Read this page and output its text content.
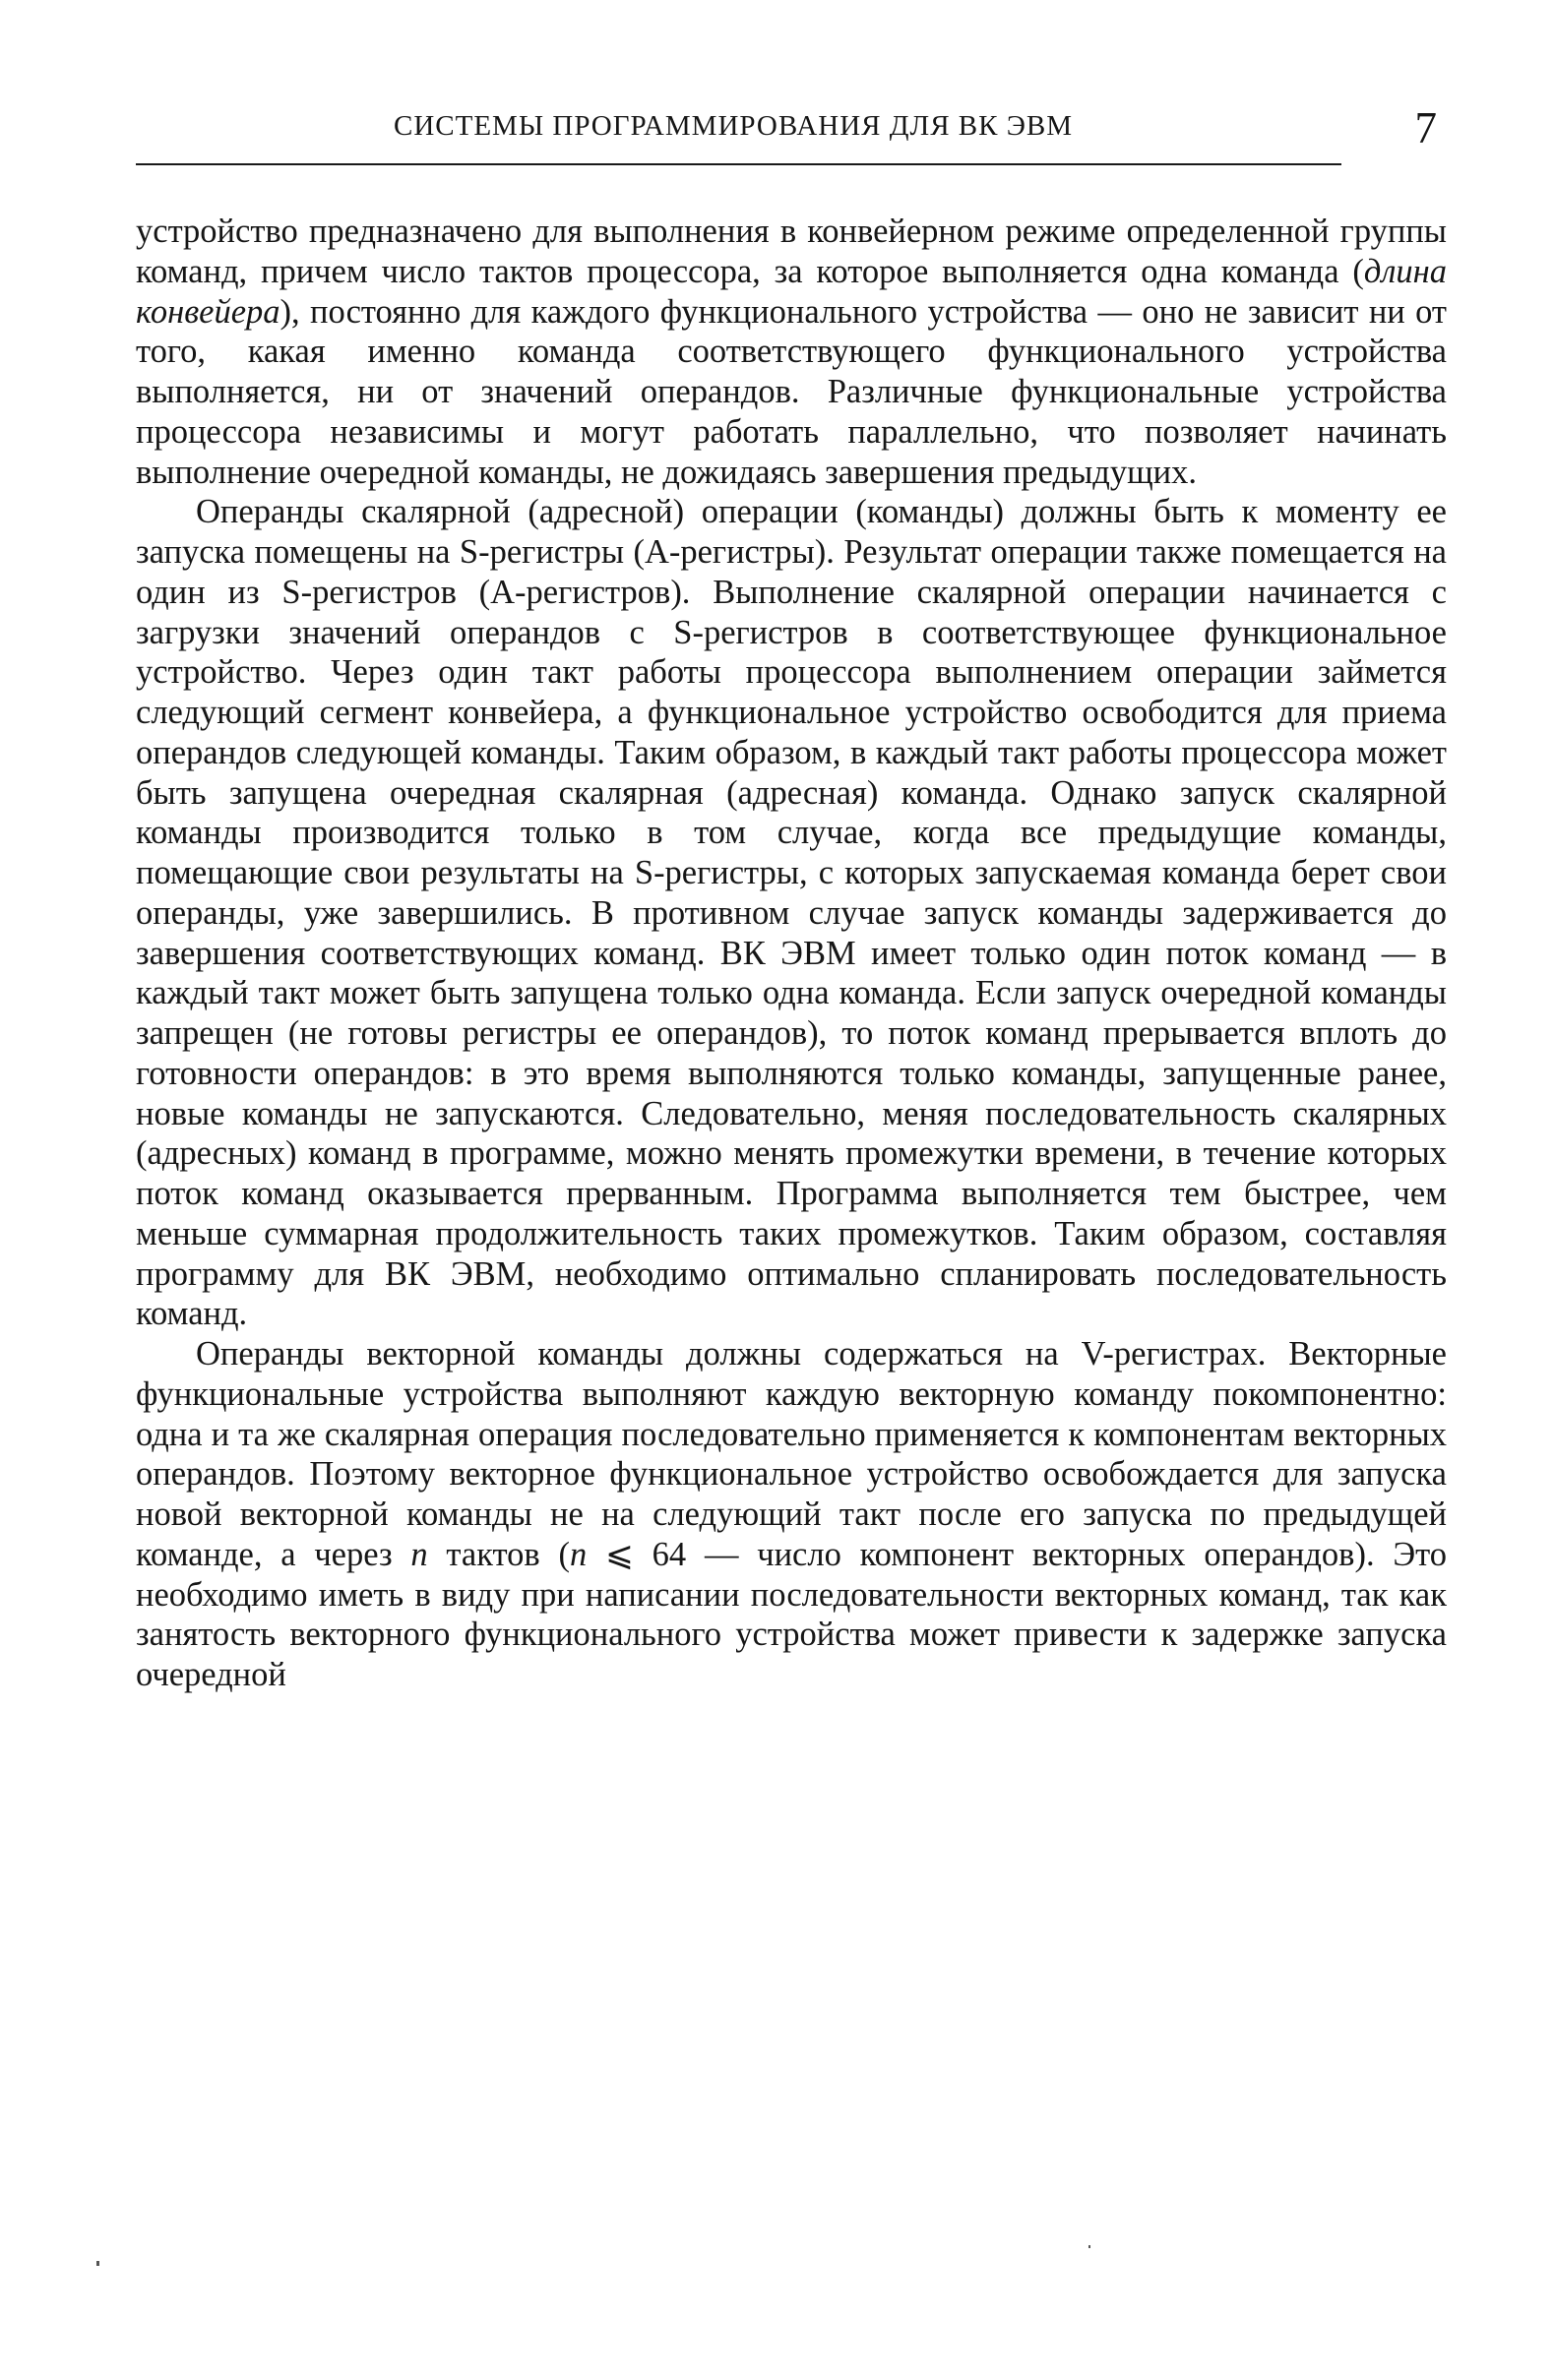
СИСТЕМЫ ПРОГРАММИРОВАНИЯ ДЛЯ ВК ЭВМ	7

устройство предназначено для выполнения в конвейерном режиме определенной группы команд, причем число тактов процессора, за которое выполняется одна команда (длина конвейера), постоянно для каждого функционального устройства — оно не зависит ни от того, какая именно команда соответствующего функционального устройства выполняется, ни от значений операндов. Различные функциональные устройства процессора независимы и могут работать параллельно, что позволяет начинать выполнение очередной команды, не дожидаясь завершения предыдущих.

Операнды скалярной (адресной) операции (команды) должны быть к моменту ее запуска помещены на S-регистры (А-регистры). Результат операции также помещается на один из S-регистров (А-регистров). Выполнение скалярной операции начинается с загрузки значений операндов с S-регистров в соответствующее функциональное устройство. Через один такт работы процессора выполнением операции займется следующий сегмент конвейера, а функциональное устройство освободится для приема операндов следующей команды. Таким образом, в каждый такт работы процессора может быть запущена очередная скалярная (адресная) команда. Однако запуск скалярной команды производится только в том случае, когда все предыдущие команды, помещающие свои результаты на S-регистры, с которых запускаемая команда берет свои операнды, уже завершились. В противном случае запуск команды задерживается до завершения соответствующих команд. ВК ЭВМ имеет только один поток команд — в каждый такт может быть запущена только одна команда. Если запуск очередной команды запрещен (не готовы регистры ее операндов), то поток команд прерывается вплоть до готовности операндов: в это время выполняются только команды, запущенные ранее, новые команды не запускаются. Следовательно, меняя последовательность скалярных (адресных) команд в программе, можно менять промежутки времени, в течение которых поток команд оказывается прерванным. Программа выполняется тем быстрее, чем меньше суммарная продолжительность таких промежутков. Таким образом, составляя программу для ВК ЭВМ, необходимо оптимально спланировать последовательность команд.

Операнды векторной команды должны содержаться на V-регистрах. Векторные функциональные устройства выполняют каждую векторную команду покомпонентно: одна и та же скалярная операция последовательно применяется к компонентам векторных операндов. Поэтому векторное функциональное устройство освобождается для запуска новой векторной команды не на следующий такт после его запуска по предыдущей команде, а через n тактов (n ⩽ 64 — число компонент векторных операндов). Это необходимо иметь в виду при написании последовательности векторных команд, так как занятость векторного функционального устройства может привести к задержке запуска очередной
